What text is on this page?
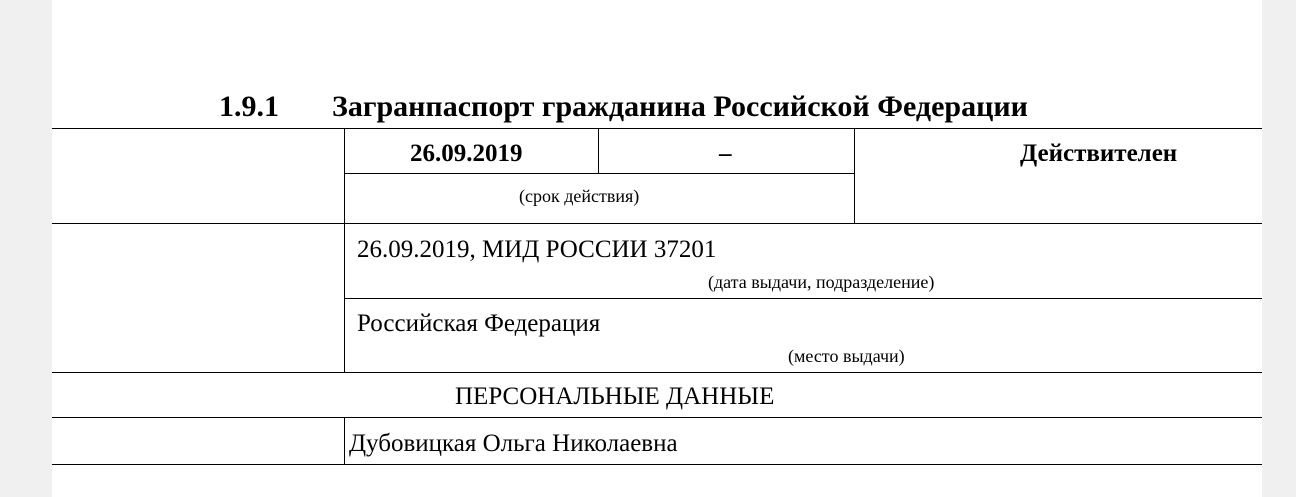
1.9.1 Загранпаспорт гражданина Российской Федерации
26.09.2019	–
(срок действия)
Действителен
26.09.2019, МИД РОССИИ 37201
(дата выдачи, подразделение)
Российская Федерация
(место выдачи)
ПЕРСОНАЛЬНЫЕ ДАННЫЕ
Дубовицкая Ольга Николаевна
